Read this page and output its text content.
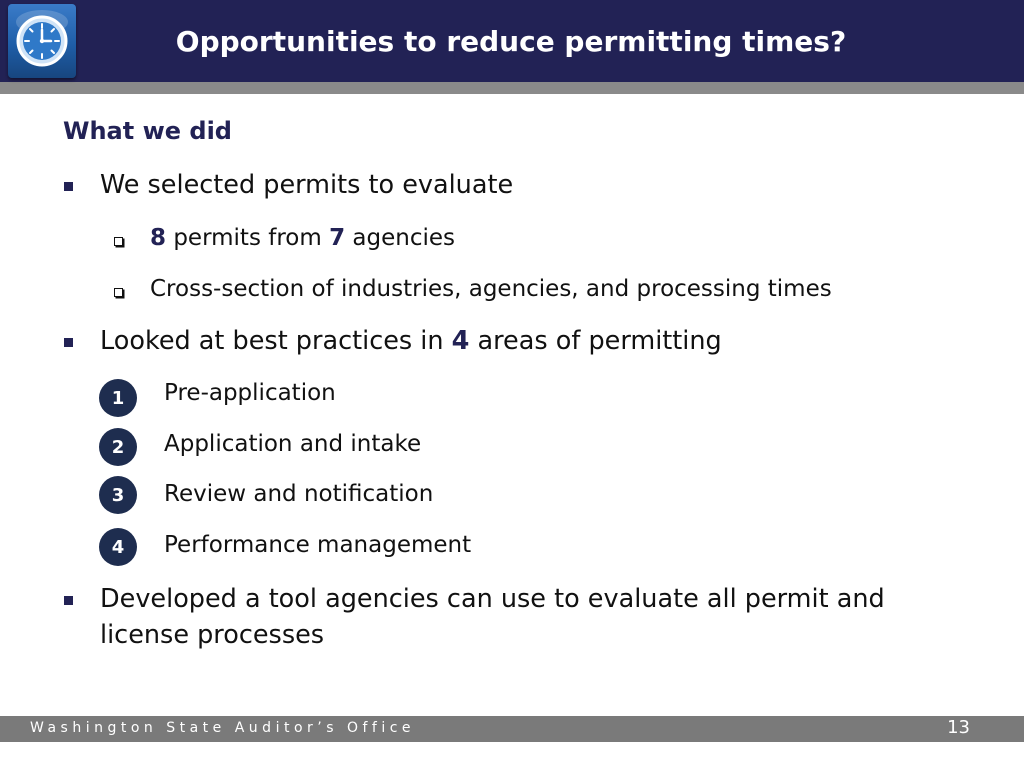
Opportunities to reduce permitting times?
What we did
We selected permits to evaluate
8 permits from 7 agencies
Cross-section of industries, agencies, and processing times
Looked at best practices in 4 areas of permitting
1	Pre-application
2	Application and intake
3	Review and notification
4	Performance management
Developed a tool agencies can use to evaluate all permit and
license processes
Washington State Auditor’s Office	13
